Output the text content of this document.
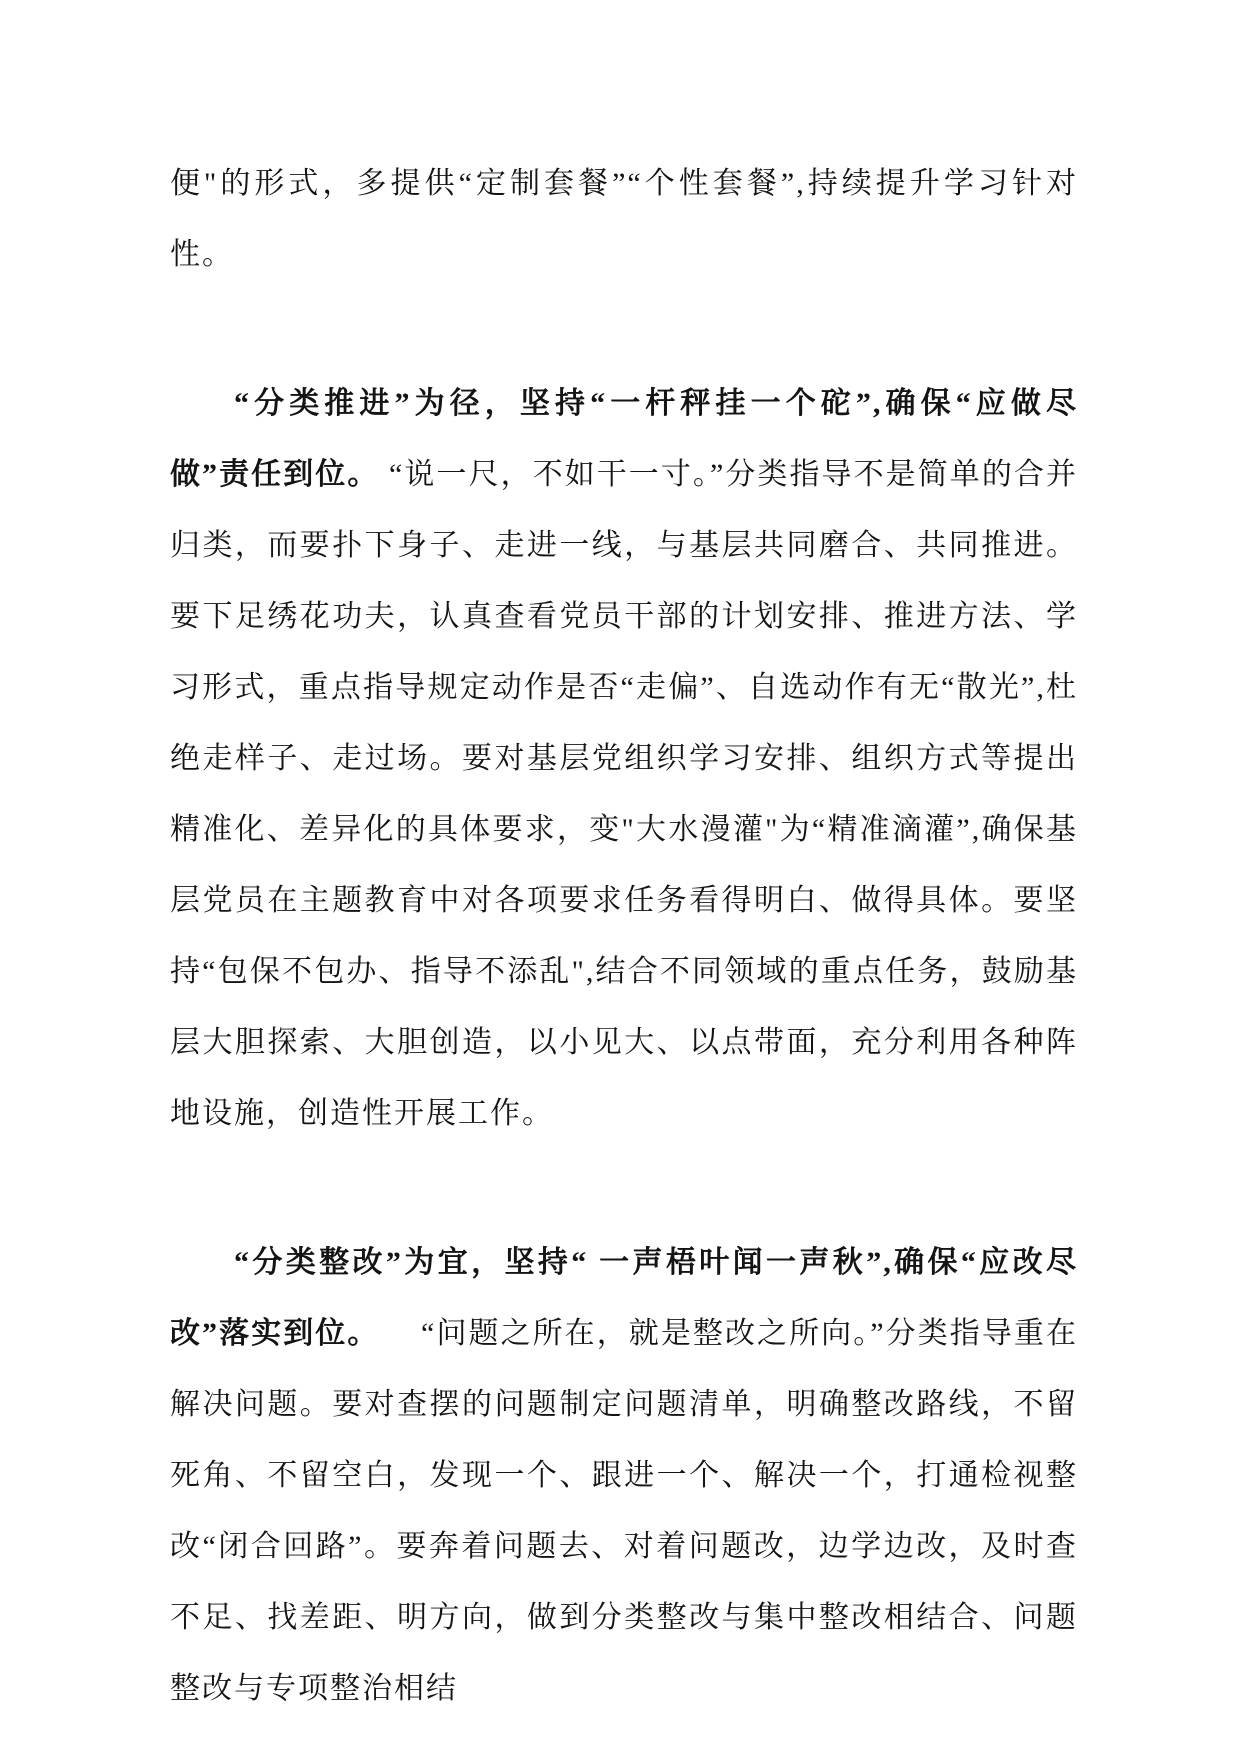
便"的形式，多提供“定制套餐”“个性套餐”,持续提升学习针对性。

“分类推进”为径，坚持“一杆秤挂一个砣”,确保“应做尽做”责任到位。 “说一尺，不如干一寸。”分类指导不是简单的合并归类，而要扑下身子、走进一线，与基层共同磨合、共同推进。要下足绣花功夫，认真查看党员干部的计划安排、推进方法、学习形式，重点指导规定动作是否“走偏”、自选动作有无“散光”,杜绝走样子、走过场。要对基层党组织学习安排、组织方式等提出精准化、差异化的具体要求，变"大水漫灌"为“精准滴灌”,确保基层党员在主题教育中对各项要求任务看得明白、做得具体。要坚持“包保不包办、指导不添乱",结合不同领域的重点任务，鼓励基层大胆探索、大胆创造，以小见大、以点带面，充分利用各种阵地设施，创造性开展工作。

“分类整改”为宜，坚持“ 一声梧叶闻一声秋”,确保“应改尽改”落实到位。 　“问题之所在，就是整改之所向。”分类指导重在解决问题。要对查摆的问题制定问题清单，明确整改路线，不留死角、不留空白，发现一个、跟进一个、解决一个，打通检视整改“闭合回路”。要奔着问题去、对着问题改，边学边改，及时查不足、找差距、明方向，做到分类整改与集中整改相结合、问题整改与专项整治相结
